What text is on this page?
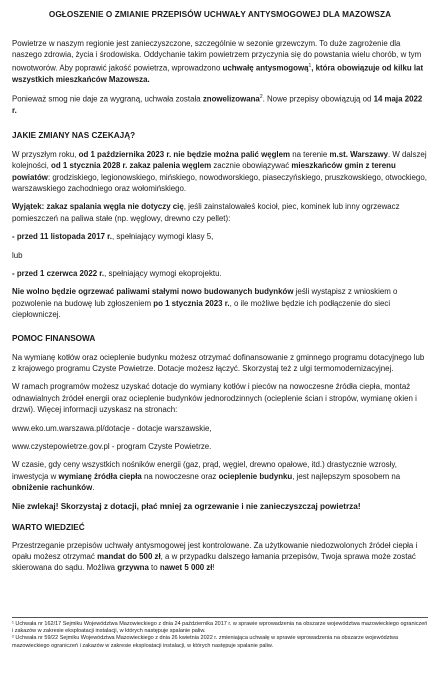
OGŁOSZENIE O ZMIANIE PRZEPISÓW UCHWAŁY ANTYSMOGOWEJ DLA MAZOWSZA

Powietrze w naszym regionie jest zanieczyszczone, szczególnie w sezonie grzewczym. To duże zagrożenie dla naszego zdrowia, życia i środowiska. Oddychanie takim powietrzem przyczynia się do powstania wielu chorób, w tym nowotworów. Aby poprawić jakość powietrza, wprowadzono uchwałę antysmogową$^1$, która obowiązuje od kilku lat wszystkich mieszkańców Mazowsza.

Ponieważ smog nie daje za wygraną, uchwała została znowelizowana$^2$. Nowe przepisy obowiązują od 14 maja 2022 r.

JAKIE ZMIANY NAS CZEKAJĄ?

W przyszłym roku, od 1 października 2023 r. nie będzie można palić węglem na terenie m.st. Warszawy. W dalszej kolejności, od 1 stycznia 2028 r. zakaz palenia węglem zacznie obowiązywać mieszkańców gmin z terenu powiatów: grodziskiego, legionowskiego, mińskiego, nowodworskiego, piaseczyńskiego, pruszkowskiego, otwockiego, warszawskiego zachodniego oraz wołomińskiego.

Wyjątek: zakaz spalania węgla nie dotyczy cię, jeśli zainstalowałeś kocioł, piec, kominek lub inny ogrzewacz pomieszczeń na paliwa stałe (np. węglowy, drewno czy pellet):

- przed 11 listopada 2017 r., spełniający wymogi klasy 5,

lub

- przed 1 czerwca 2022 r., spełniający wymogi ekoprojektu.

Nie wolno będzie ogrzewać paliwami stałymi nowo budowanych budynków jeśli wystąpisz z wnioskiem o pozwolenie na budowę lub zgłoszeniem po 1 stycznia 2023 r., o ile możliwe będzie ich podłączenie do sieci ciepłowniczej.

POMOC FINANSOWA

Na wymianę kotłów oraz ocieplenie budynku możesz otrzymać dofinansowanie z gminnego programu dotacyjnego lub z krajowego programu Czyste Powietrze. Dotacje możesz łączyć. Skorzystaj też z ulgi termomodernizacyjnej.

W ramach programów możesz uzyskać dotacje do wymiany kotłów i pieców na nowoczesne źródła ciepła, montaż odnawialnych źródeł energii oraz ocieplenie budynków jednorodzinnych (ocieplenie ścian i stropów, wymianę okien i drzwi). Więcej informacji uzyskasz na stronach:

www.eko.um.warszawa.pl/dotacje - dotacje warszawskie,

www.czystepowietrze.gov.pl - program Czyste Powietrze.

W czasie, gdy ceny wszystkich nośników energii (gaz, prąd, węgiel, drewno opałowe, itd.) drastycznie wzrosły, inwestycja w wymianę źródła ciepła na nowoczesne oraz ocieplenie budynku, jest najlepszym sposobem na obniżenie rachunków.

Nie zwlekaj! Skorzystaj z dotacji, płać mniej za ogrzewanie i nie zanieczyszczaj powietrza!

WARTO WIEDZIEĆ

Przestrzeganie przepisów uchwały antysmogowej jest kontrolowane. Za użytkowanie niedozwolonych źródeł ciepła i opału możesz otrzymać mandat do 500 zł, a w przypadku dalszego łamania przepisów, Twoja sprawa może zostać skierowana do sądu. Możliwa grzywna to nawet 5 000 zł!

¹ Uchwała nr 162/17 Sejmiku Województwa Mazowieckiego z dnia 24 października 2017 r. w sprawie wprowadzenia na obszarze województwa mazowieckiego ograniczeń i zakazów w zakresie eksploatacji instalacji, w których następuje spalanie paliw.

² Uchwała nr 59/22 Sejmiku Województwa Mazowieckiego z dnia 26 kwietnia 2022 r. zmieniająca uchwałę w sprawie wprowadzenia na obszarze województwa mazowieckiego ograniczeń i zakazów w zakresie eksploatacji instalacji, w których następuje spalanie paliw.
